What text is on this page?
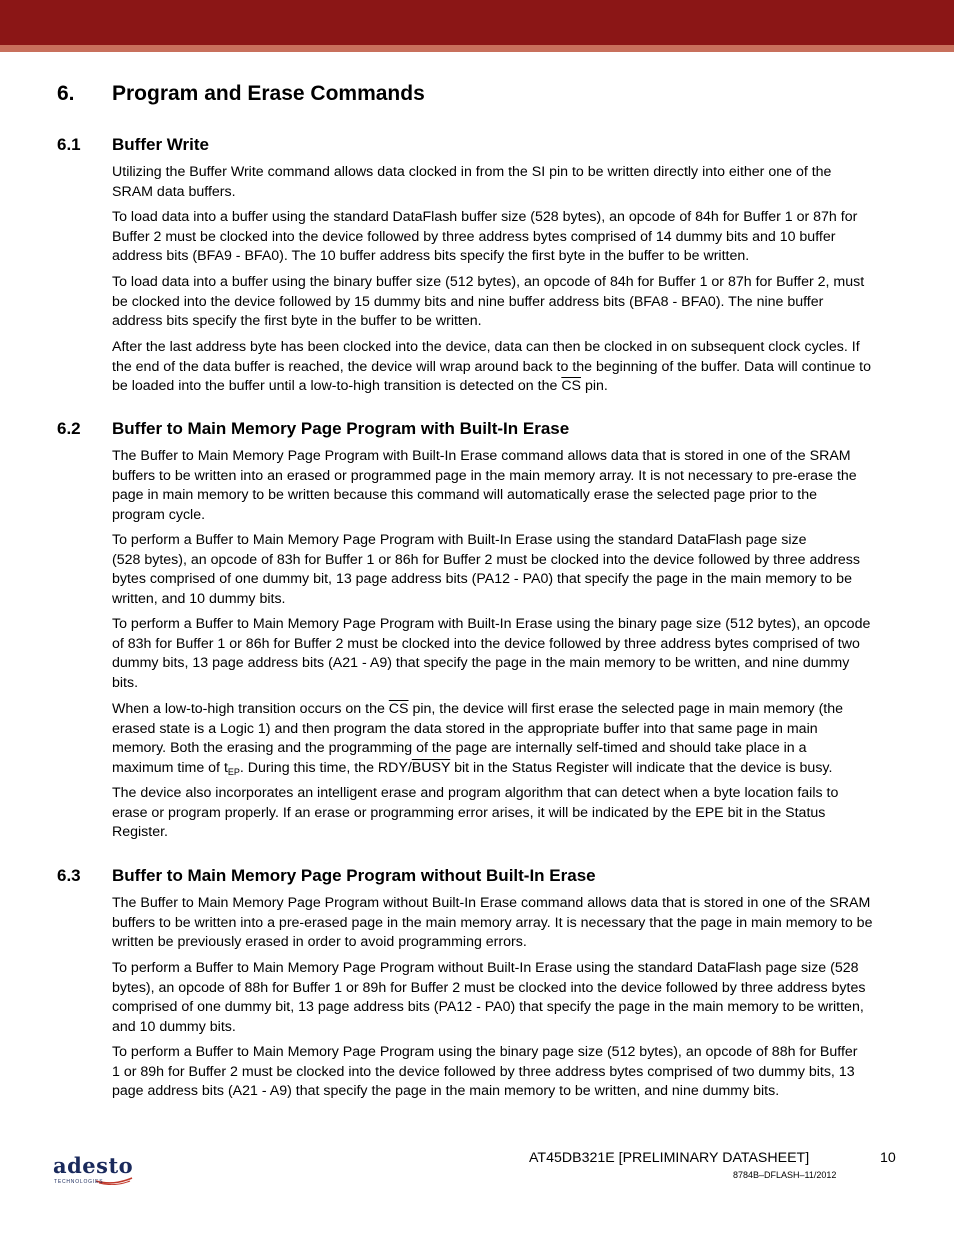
6. Program and Erase Commands
6.1 Buffer Write
Utilizing the Buffer Write command allows data clocked in from the SI pin to be written directly into either one of the
SRAM data buffers.
To load data into a buffer using the standard DataFlash buffer size (528 bytes), an opcode of 84h for Buffer 1 or 87h for
Buffer 2 must be clocked into the device followed by three address bytes comprised of 14 dummy bits and 10 buffer
address bits (BFA9 - BFA0). The 10 buffer address bits specify the first byte in the buffer to be written.
To load data into a buffer using the binary buffer size (512 bytes), an opcode of 84h for Buffer 1 or 87h for Buffer 2, must
be clocked into the device followed by 15 dummy bits and nine buffer address bits (BFA8 - BFA0). The nine buffer
address bits specify the first byte in the buffer to be written.
After the last address byte has been clocked into the device, data can then be clocked in on subsequent clock cycles. If
the end of the data buffer is reached, the device will wrap around back to the beginning of the buffer. Data will continue to
be loaded into the buffer until a low-to-high transition is detected on the $\overline{CS}$ pin.
6.2 Buffer to Main Memory Page Program with Built-In Erase
The Buffer to Main Memory Page Program with Built-In Erase command allows data that is stored in one of the SRAM
buffers to be written into an erased or programmed page in the main memory array. It is not necessary to pre-erase the
page in main memory to be written because this command will automatically erase the selected page prior to the
program cycle.
To perform a Buffer to Main Memory Page Program with Built-In Erase using the standard DataFlash page size
(528 bytes), an opcode of 83h for Buffer 1 or 86h for Buffer 2 must be clocked into the device followed by three address
bytes comprised of one dummy bit, 13 page address bits (PA12 - PA0) that specify the page in the main memory to be
written, and 10 dummy bits.
To perform a Buffer to Main Memory Page Program with Built-In Erase using the binary page size (512 bytes), an opcode
of 83h for Buffer 1 or 86h for Buffer 2 must be clocked into the device followed by three address bytes comprised of two
dummy bits, 13 page address bits (A21 - A9) that specify the page in the main memory to be written, and nine dummy
bits.
When a low-to-high transition occurs on the $\overline{CS}$ pin, the device will first erase the selected page in main memory (the
erased state is a Logic 1) and then program the data stored in the appropriate buffer into that same page in main
memory. Both the erasing and the programming of the page are internally self-timed and should take place in a
maximum time of $t_{EP}$. During this time, the RDY/BUSY bit in the Status Register will indicate that the device is busy.
The device also incorporates an intelligent erase and program algorithm that can detect when a byte location fails to
erase or program properly. If an erase or programming error arises, it will be indicated by the EPE bit in the Status
Register.
6.3 Buffer to Main Memory Page Program without Built-In Erase
The Buffer to Main Memory Page Program without Built-In Erase command allows data that is stored in one of the SRAM
buffers to be written into a pre-erased page in the main memory array. It is necessary that the page in main memory to be
written be previously erased in order to avoid programming errors.
To perform a Buffer to Main Memory Page Program without Built-In Erase using the standard DataFlash page size (528
bytes), an opcode of 88h for Buffer 1 or 89h for Buffer 2 must be clocked into the device followed by three address bytes
comprised of one dummy bit, 13 page address bits (PA12 - PA0) that specify the page in the main memory to be written,
and 10 dummy bits.
To perform a Buffer to Main Memory Page Program using the binary page size (512 bytes), an opcode of 88h for Buffer
1 or 89h for Buffer 2 must be clocked into the device followed by three address bytes comprised of two dummy bits, 13
page address bits (A21 - A9) that specify the page in the main memory to be written, and nine dummy bits.
adesto
TECHNOLOGIES
AT45DB321E [PRELIMINARY DATASHEET]	10
8784B–DFLASH–11/2012
